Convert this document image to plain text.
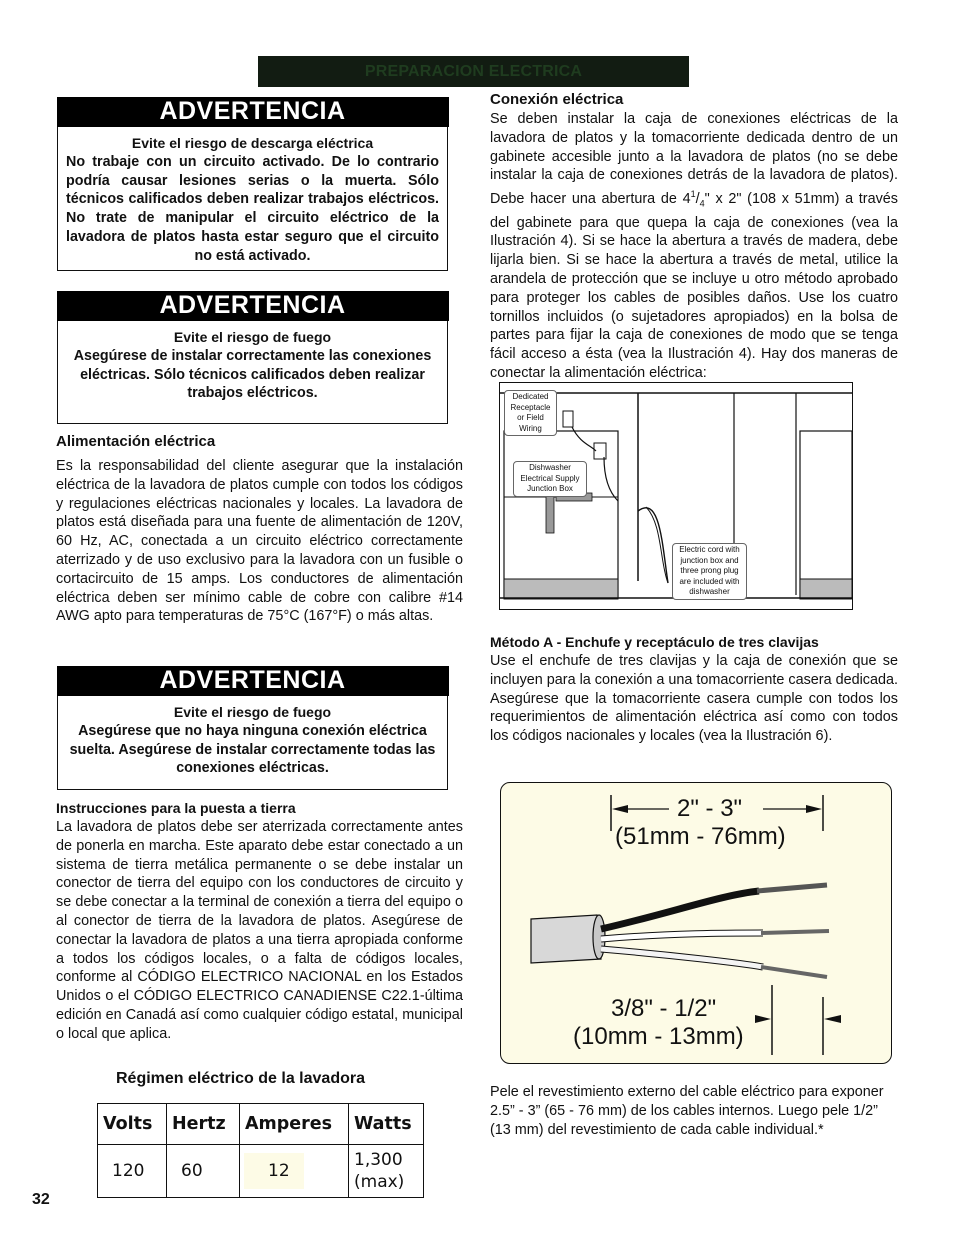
PREPARACION ELECTRICA
ADVERTENCIA
Evite el riesgo de descarga eléctrica
No trabaje con un circuito activado. De lo contrario podría causar lesiones serias o la muerta. Sólo técnicos calificados deben realizar trabajos eléctricos. No trate de manipular el circuito eléctrico de la lavadora de platos hasta estar seguro que el circuito no está activado.
ADVERTENCIA
Evite el riesgo de fuego
Asegúrese de instalar correctamente las conexiones eléctricas. Sólo técnicos calificados deben realizar trabajos eléctricos.
Alimentación eléctrica
Es la responsabilidad del cliente asegurar que la instalación eléctrica de la lavadora de platos cumple con todos los códigos y regulaciones eléctricas nacionales y locales. La lavadora de platos está diseñada para una fuente de alimentación de 120V, 60 Hz, AC, conectada a un circuito eléctrico correctamente aterrizado y de uso exclusivo para la lavadora con un fusible o cortacircuito de 15 amps. Los conductores de alimentación eléctrica deben ser mínimo cable de cobre con calibre #14 AWG apto para temperaturas de 75°C (167°F) o más altas.
ADVERTENCIA
Evite el riesgo de fuego
Asegúrese que no haya ninguna conexión eléctrica suelta. Asegúrese de instalar correctamente todas las conexiones eléctricas.
Instrucciones para la puesta a tierra
La lavadora de platos debe ser aterrizada correctamente antes de ponerla en marcha. Este aparato debe estar conectado a un sistema de tierra metálica permanente o se debe instalar un conector de tierra del equipo con los conductores de circuito y se debe conectar a la terminal de conexión a tierra del equipo o al conector de tierra de la lavadora de platos. Asegúrese de conectar la lavadora de platos a una tierra apropiada conforme a todos los códigos locales, o a falta de códigos locales, conforme al CÓDIGO ELECTRICO NACIONAL en los Estados Unidos o el CÓDIGO ELECTRICO CANADIENSE C22.1-última edición en Canadá así como cualquier código estatal, municipal o local que aplica.
Régimen eléctrico de la lavadora
Volts	Hertz	Amperes	Watts
120	60	12	1,300 (max)
32
Conexión eléctrica
Se deben instalar la caja de conexiones eléctricas de la lavadora de platos y la tomacorriente dedicada dentro de un gabinete accesible junto a la lavadora de platos (no se debe instalar la caja de conexiones detrás de la lavadora de platos). Debe hacer una abertura de $4^1/_4$" x 2" (108 x 51mm) a través del gabinete para que quepa la caja de conexiones (vea la Ilustración 4). Si se hace la abertura a través de madera, debe lijarla bien. Si se hace la abertura a través de metal, utilice la arandela de protección que se incluye u otro método aprobado para proteger los cables de posibles daños. Use los cuatro tornillos incluidos (o sujetadores apropiados) en la bolsa de partes para fijar la caja de conexiones de modo que se tenga fácil acceso a ésta (vea la Ilustración 4). Hay dos maneras de conectar la alimentación eléctrica:
Dedicated Receptacle or Field Wiring
Dishwasher Electrical Supply Junction Box
Electric cord with junction box and three prong plug are included with dishwasher
Método A - Enchufe y receptáculo de tres clavijas
Use el enchufe de tres clavijas y la caja de conexión que se incluyen para la conexión a una tomacorriente casera dedicada. Asegúrese que la tomacorriente casera cumple con todos los requerimientos de alimentación eléctrica así como con todos los códigos nacionales y locales (vea la Ilustración 6).
2" - 3"
(51mm - 76mm)
3/8" - 1/2"
(10mm - 13mm)
Pele el revestimiento externo del cable eléctrico para exponer 2.5” - 3” (65 - 76 mm) de los cables internos. Luego pele 1/2” (13 mm) del revestimiento de cada cable individual.*
